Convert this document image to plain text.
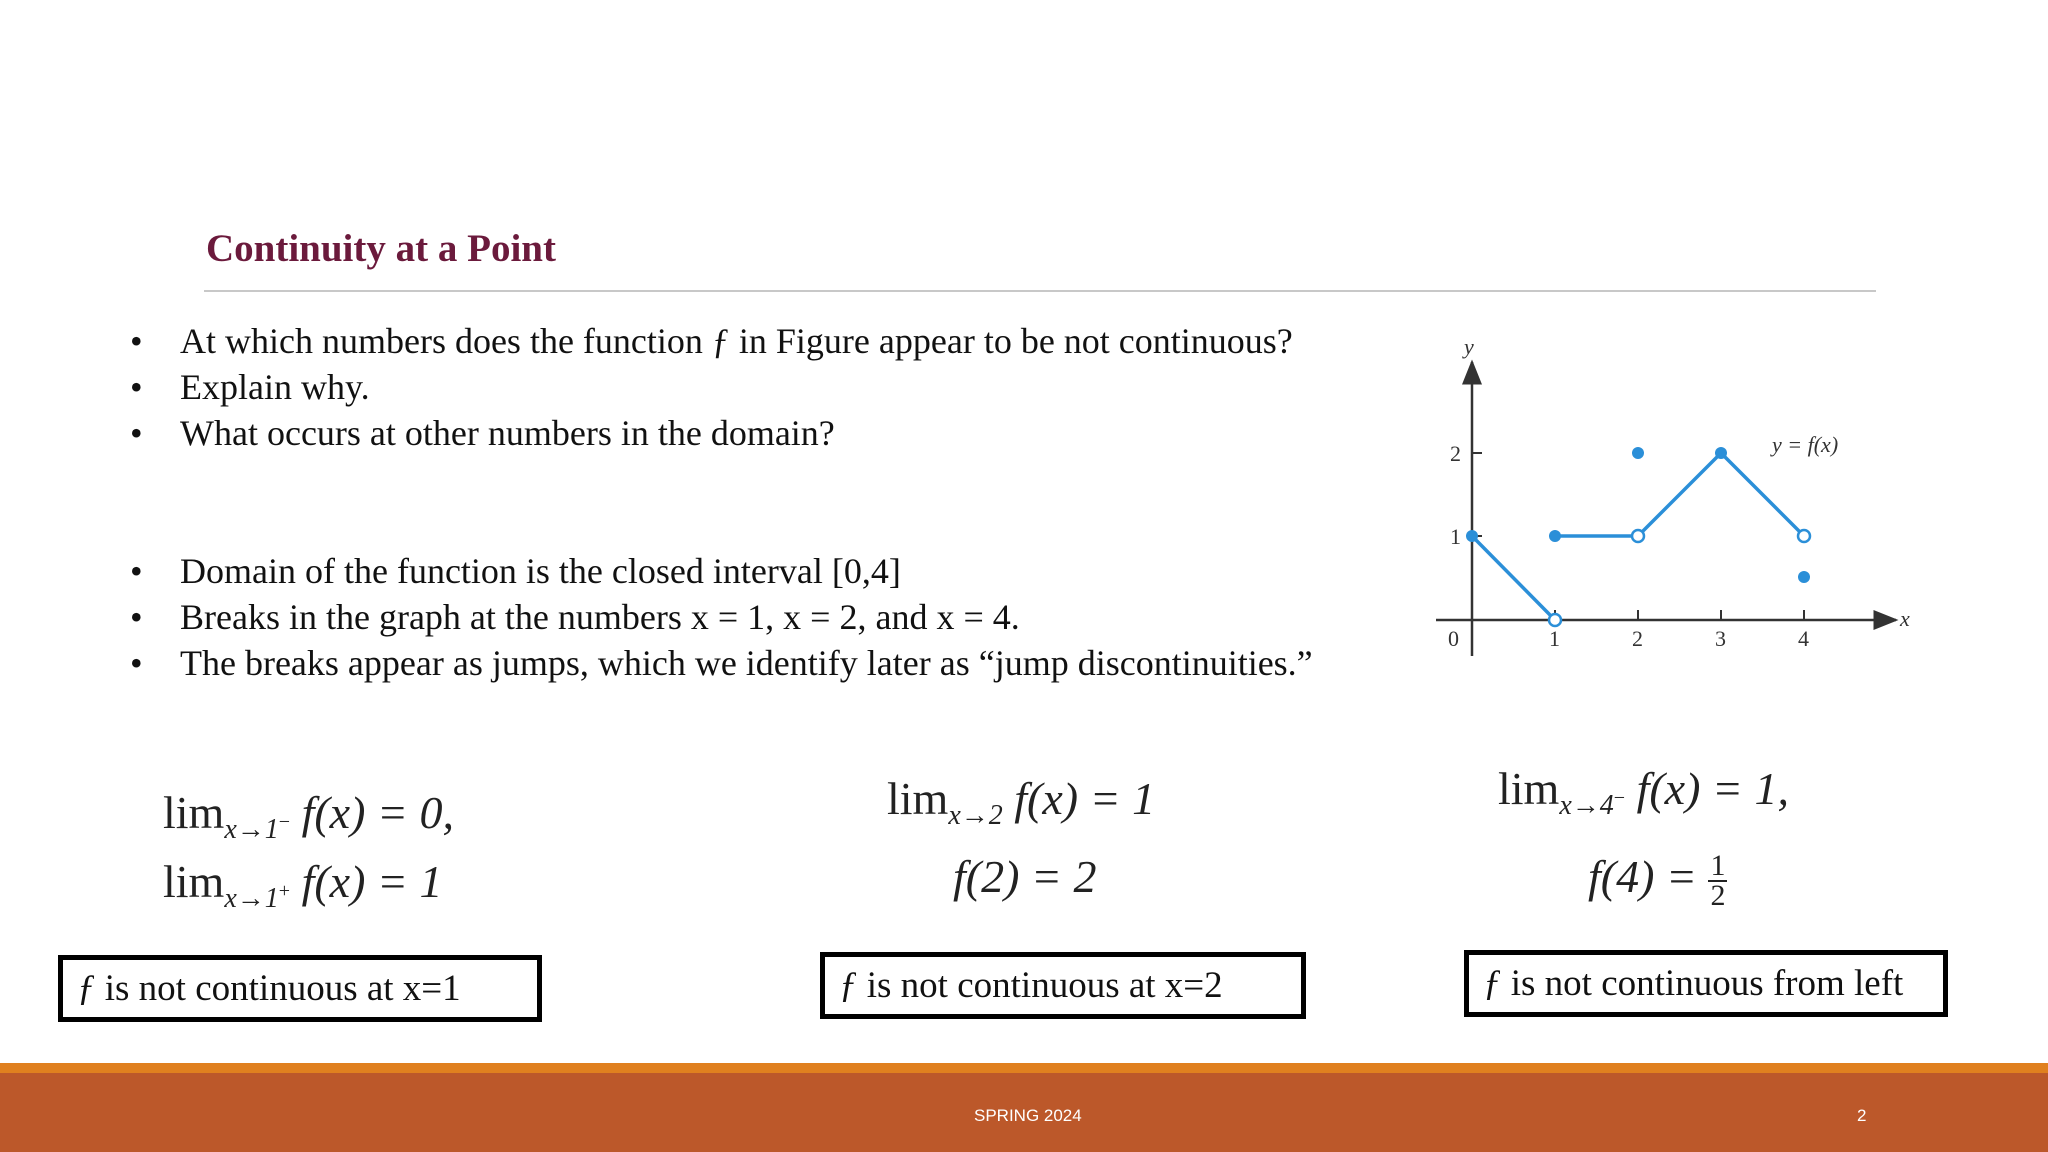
Continuity at a Point
• At which numbers does the function ƒ in Figure appear to be not continuous?
• Explain why.
• What occurs at other numbers in the domain?
• Domain of the function is the closed interval [0,4]
• Breaks in the graph at the numbers x = 1, x = 2, and x = 4.
• The breaks appear as jumps, which we identify later as “jump discontinuities.”
y
x
0	1	2	3	4
1
2	y = f(x)
$\lim_{x\to 1^-} f(x) = 0$,
$\lim_{x\to 1^+} f(x) = 1$
$\lim_{x\to 2} f(x) = 1$
f(2) = 2
$\lim_{x\to 4^-} f(x) = 1$,
$f(4) = \frac{1}{2}$
ƒ is not continuous at x=1	ƒ is not continuous at x=2	ƒ is not continuous from left
SPRING 2024	2
